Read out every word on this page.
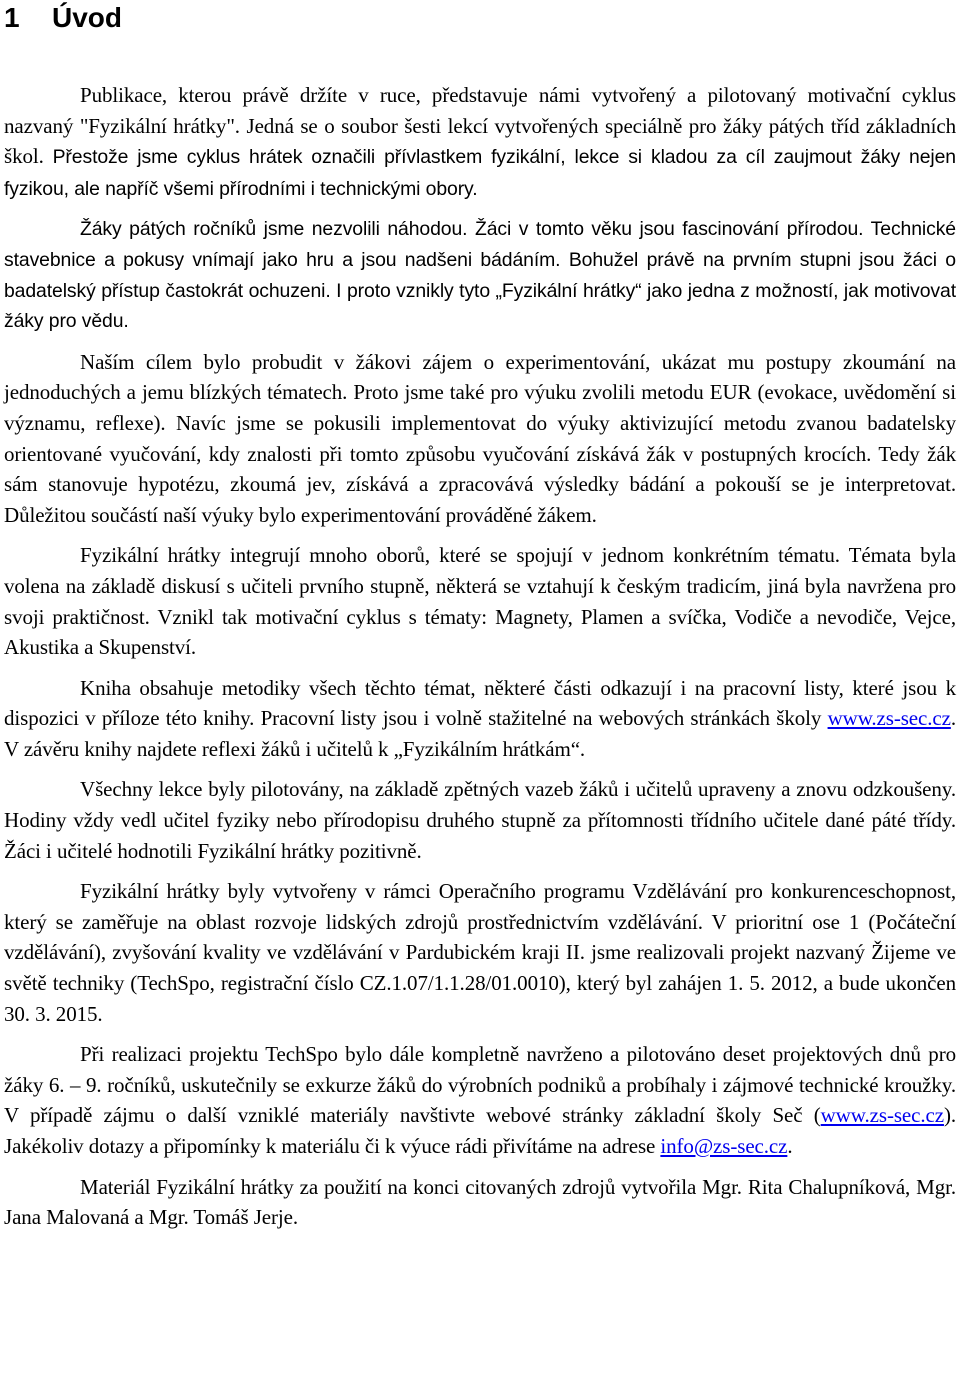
1 Úvod

Publikace, kterou právě držíte v ruce, představuje námi vytvořený a pilotovaný motivační cyklus nazvaný "Fyzikální hrátky". Jedná se o soubor šesti lekcí vytvořených speciálně pro žáky pátých tříd základních škol. Přestože jsme cyklus hrátek označili přívlastkem fyzikální, lekce si kladou za cíl zaujmout žáky nejen fyzikou, ale napříč všemi přírodními i technickými obory.

Žáky pátých ročníků jsme nezvolili náhodou. Žáci v tomto věku jsou fascinování přírodou. Technické stavebnice a pokusy vnímají jako hru a jsou nadšeni bádáním. Bohužel právě na prvním stupni jsou žáci o badatelský přístup častokrát ochuzeni. I proto vznikly tyto „Fyzikální hrátky“ jako jedna z možností, jak motivovat žáky pro vědu.

Naším cílem bylo probudit v žákovi zájem o experimentování, ukázat mu postupy zkoumání na jednoduchých a jemu blízkých tématech. Proto jsme také pro výuku zvolili metodu EUR (evokace, uvědomění si významu, reflexe). Navíc jsme se pokusili implementovat do výuky aktivizující metodu zvanou badatelsky orientované vyučování, kdy znalosti při tomto způsobu vyučování získává žák v postupných krocích. Tedy žák sám stanovuje hypotézu, zkoumá jev, získává a zpracovává výsledky bádání a pokouší se je interpretovat. Důležitou součástí naší výuky bylo experimentování prováděné žákem.

Fyzikální hrátky integrují mnoho oborů, které se spojují v jednom konkrétním tématu. Témata byla volena na základě diskusí s učiteli prvního stupně, některá se vztahují k českým tradicím, jiná byla navržena pro svoji praktičnost. Vznikl tak motivační cyklus s tématy: Magnety, Plamen a svíčka, Vodiče a nevodiče, Vejce, Akustika a Skupenství.

Kniha obsahuje metodiky všech těchto témat, některé části odkazují i na pracovní listy, které jsou k dispozici v příloze této knihy. Pracovní listy jsou i volně stažitelné na webových stránkách školy www.zs-sec.cz. V závěru knihy najdete reflexi žáků i učitelů k „Fyzikálním hrátkám“.

Všechny lekce byly pilotovány, na základě zpětných vazeb žáků i učitelů upraveny a znovu odzkoušeny. Hodiny vždy vedl učitel fyziky nebo přírodopisu druhého stupně za přítomnosti třídního učitele dané páté třídy. Žáci i učitelé hodnotili Fyzikální hrátky pozitivně.

Fyzikální hrátky byly vytvořeny v rámci Operačního programu Vzdělávání pro konkurenceschopnost, který se zaměřuje na oblast rozvoje lidských zdrojů prostřednictvím vzdělávání. V prioritní ose 1 (Počáteční vzdělávání), zvyšování kvality ve vzdělávání v Pardubickém kraji II. jsme realizovali projekt nazvaný Žijeme ve světě techniky (TechSpo, registrační číslo CZ.1.07/1.1.28/01.0010), který byl zahájen 1. 5. 2012, a bude ukončen 30. 3. 2015.

Při realizaci projektu TechSpo bylo dále kompletně navrženo a pilotováno deset projektových dnů pro žáky 6. – 9. ročníků, uskutečnily se exkurze žáků do výrobních podniků a probíhaly i zájmové technické kroužky. V případě zájmu o další vzniklé materiály navštivte webové stránky základní školy Seč (www.zs-sec.cz). Jakékoliv dotazy a připomínky k materiálu či k výuce rádi přivítáme na adrese info@zs-sec.cz.

Materiál Fyzikální hrátky za použití na konci citovaných zdrojů vytvořila Mgr. Rita Chalupníková, Mgr. Jana Malovaná a Mgr. Tomáš Jerje.
